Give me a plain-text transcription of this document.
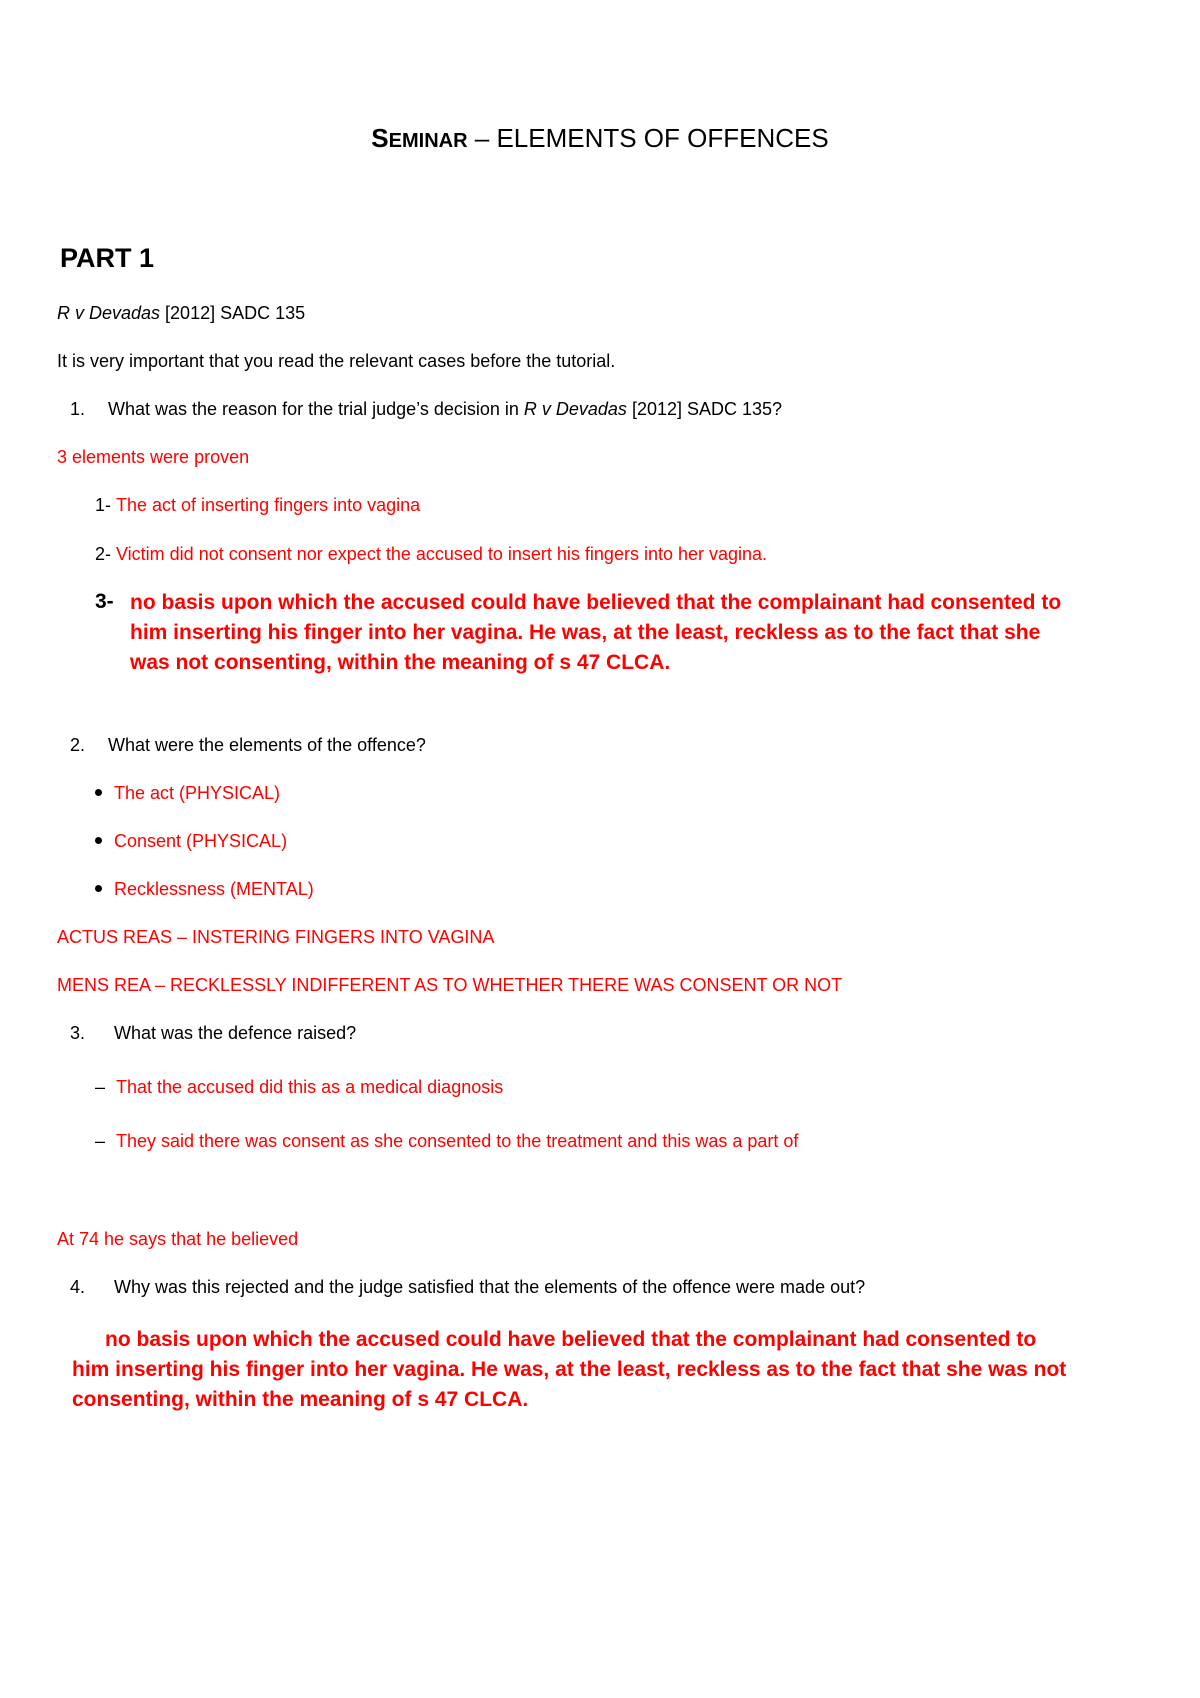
SEMINAR – ELEMENTS OF OFFENCES
PART 1
R v Devadas [2012] SADC 135
It is very important that you read the relevant cases before the tutorial.
1. What was the reason for the trial judge’s decision in R v Devadas [2012] SADC 135?
3 elements were proven
1- The act of inserting fingers into vagina
2- Victim did not consent nor expect the accused to insert his fingers into her vagina.
3- no basis upon which the accused could have believed that the complainant had consented to
him inserting his finger into her vagina. He was, at the least, reckless as to the fact that she
was not consenting, within the meaning of s 47 CLCA.
2. What were the elements of the offence?
The act (PHYSICAL)
Consent (PHYSICAL)
Recklessness (MENTAL)
ACTUS REAS – INSTERING FINGERS INTO VAGINA
MENS REA – RECKLESSLY INDIFFERENT AS TO WHETHER THERE WAS CONSENT OR NOT
3. What was the defence raised?
– That the accused did this as a medical diagnosis
– They said there was consent as she consented to the treatment and this was a part of
At 74 he says that he believed
4. Why was this rejected and the judge satisfied that the elements of the offence were made out?
no basis upon which the accused could have believed that the complainant had consented to
him inserting his finger into her vagina. He was, at the least, reckless as to the fact that she was not
consenting, within the meaning of s 47 CLCA.
